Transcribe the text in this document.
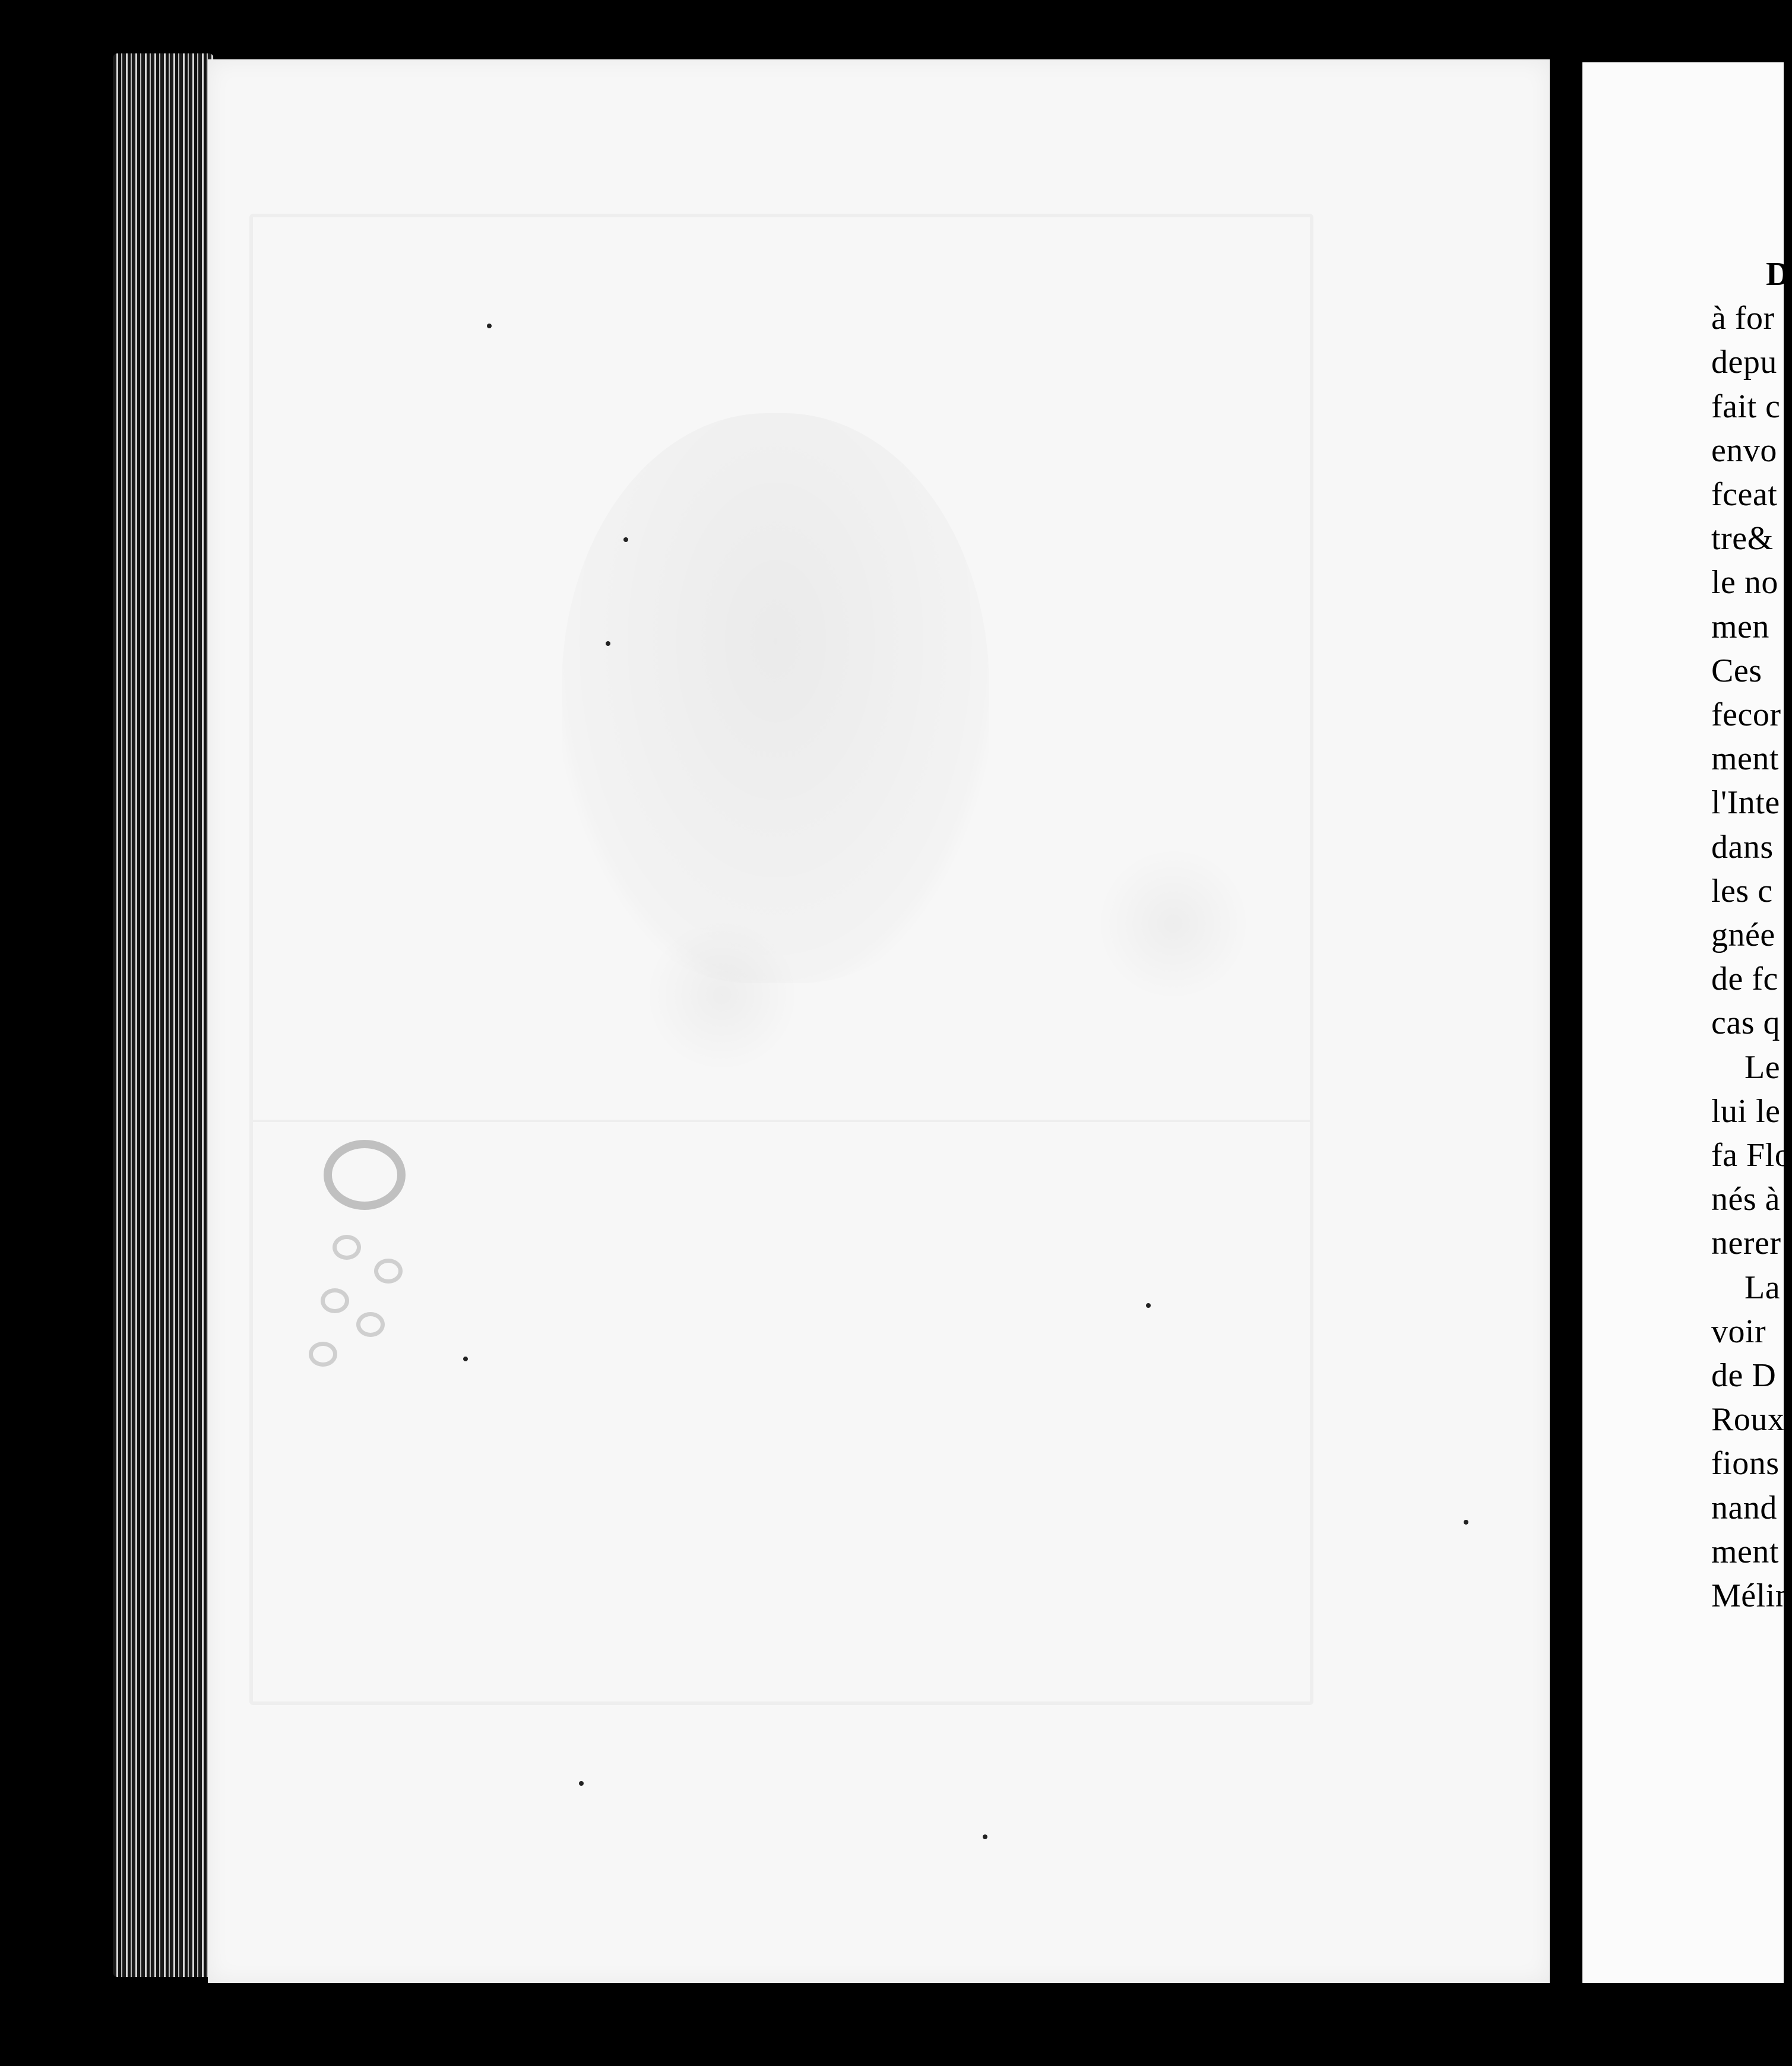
D
à for
depu
fait c
envo
fceat
tre&
le no
men
Ces
fecor
ment
l'Inte
dans
les c
gnée
de fc
cas q
Le
lui le
fa Flo
nés à
nerer
La
voir
de D
Roux
fions
nand
ment
Mélin
